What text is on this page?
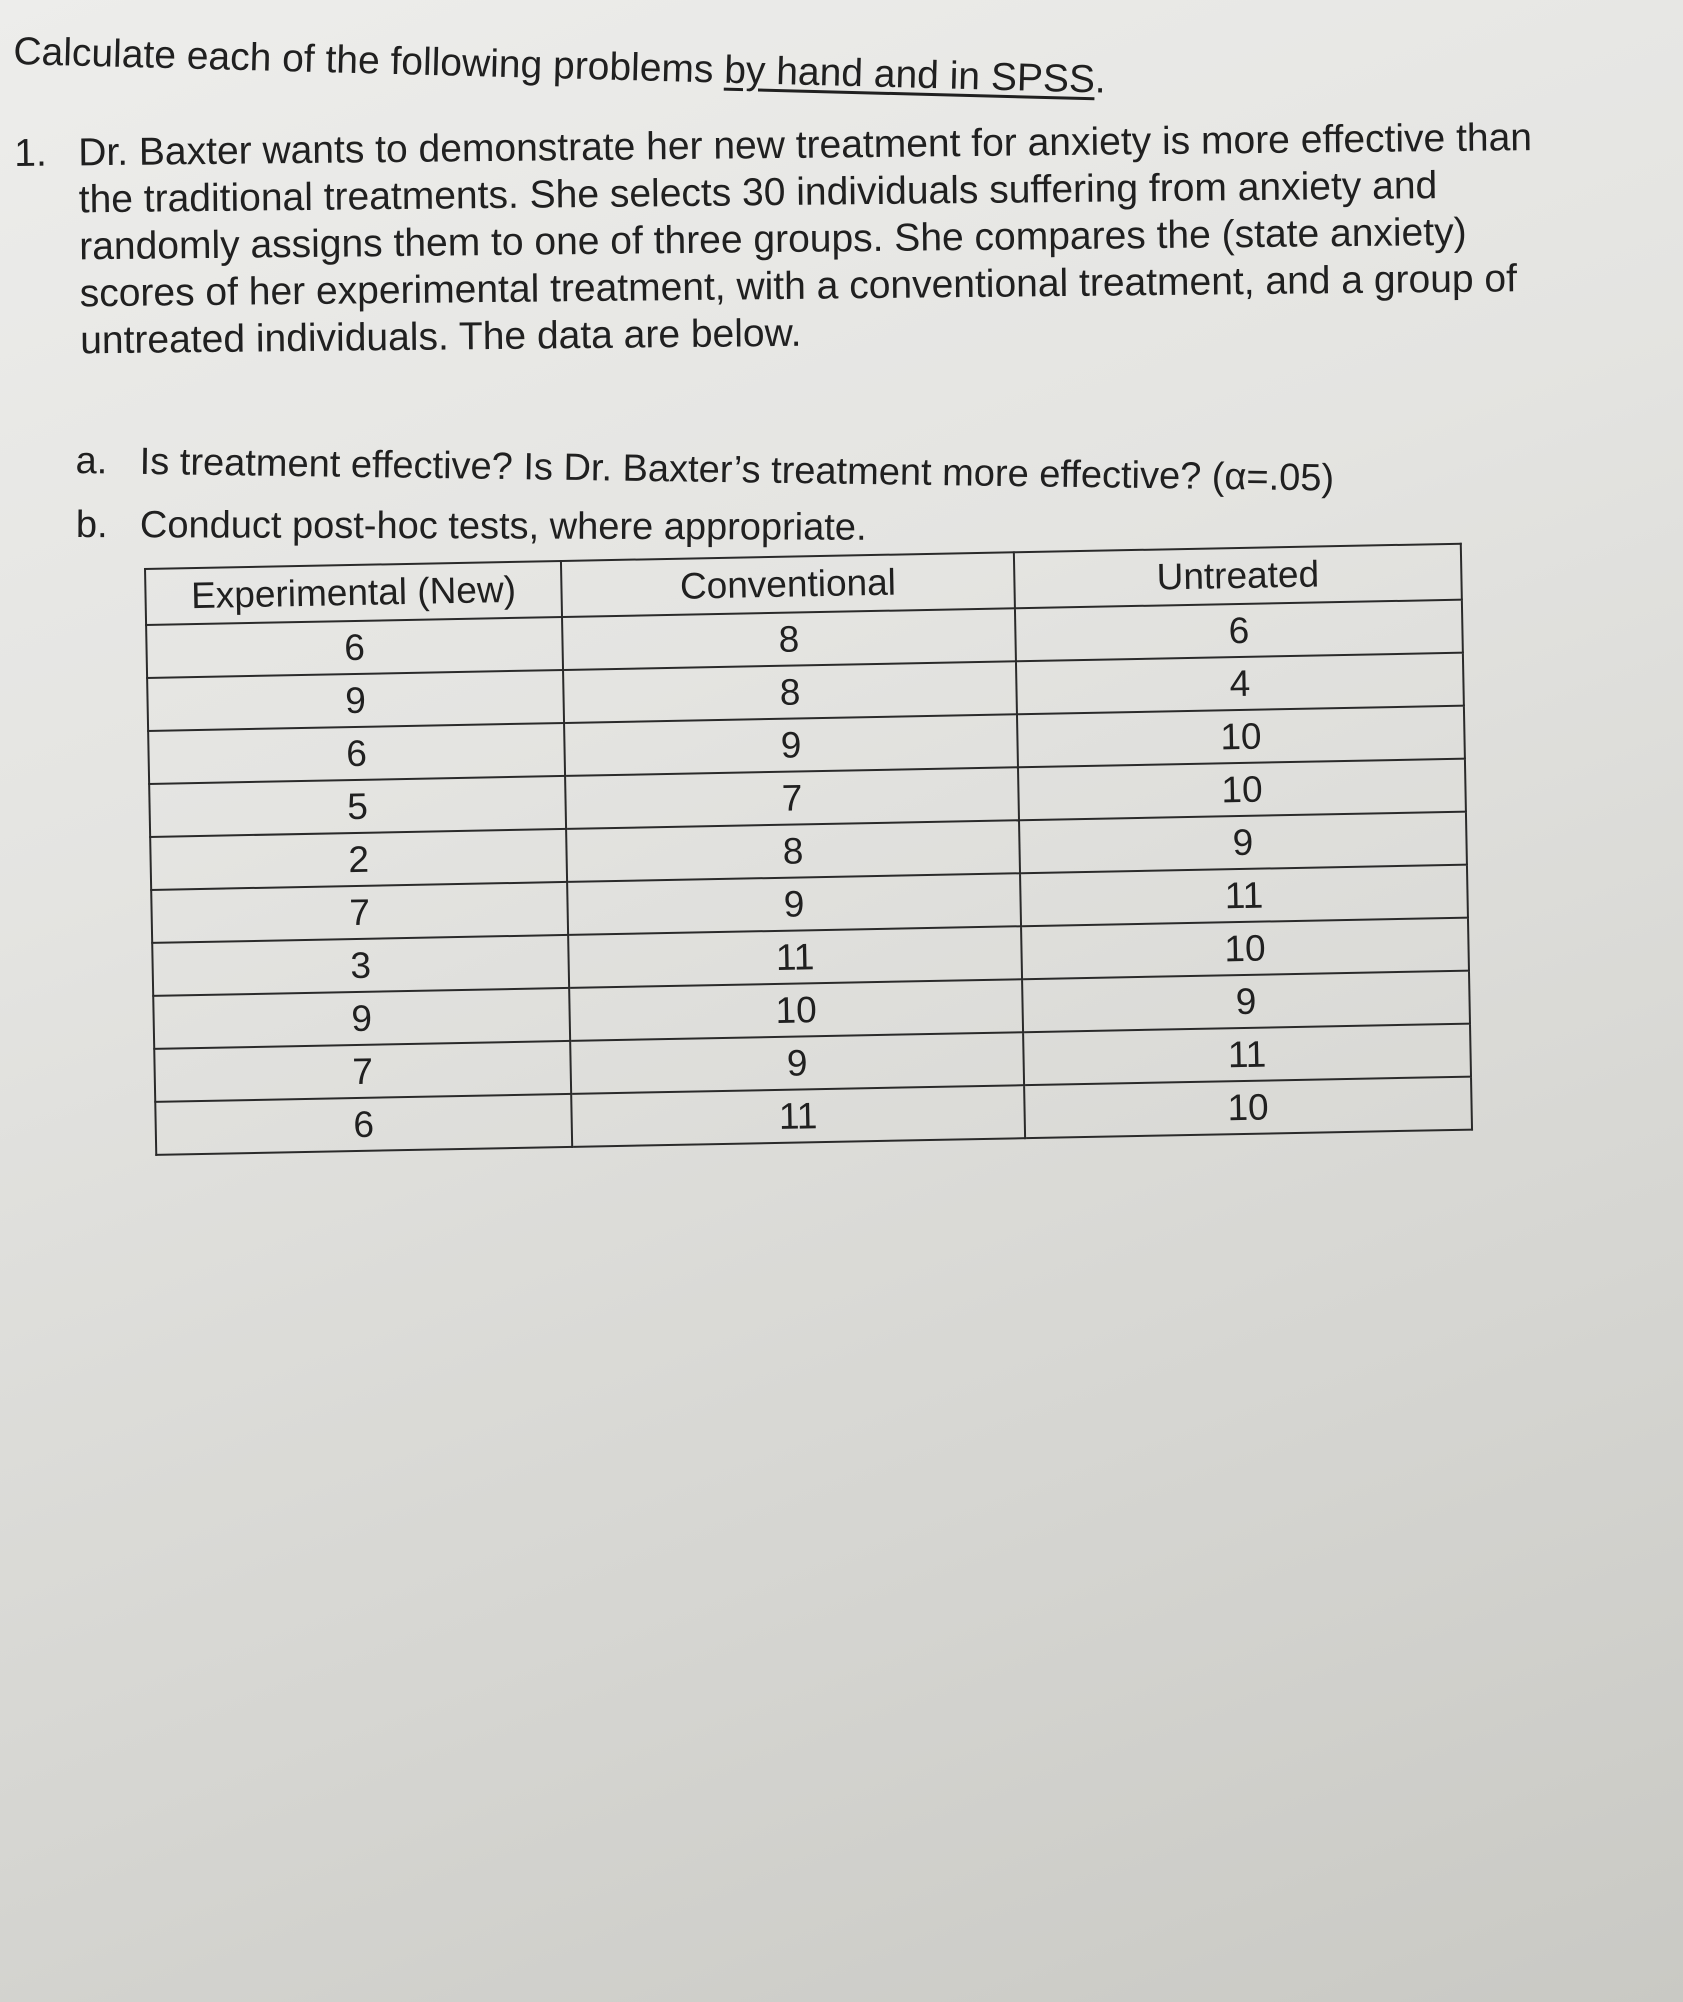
Calculate each of the following problems by hand and in SPSS.
1. Dr. Baxter wants to demonstrate her new treatment for anxiety is more effective than
the traditional treatments. She selects 30 individuals suffering from anxiety and
randomly assigns them to one of three groups. She compares the (state anxiety)
scores of her experimental treatment, with a conventional treatment, and a group of
untreated individuals. The data are below.
a. Is treatment effective? Is Dr. Baxter’s treatment more effective? (α=.05)
b. Conduct post-hoc tests, where appropriate.
Experimental (New)	Conventional	Untreated
6	8	6
9	8	4
6	9	10
5	7	10
2	8	9
7	9	11
3	11	10
9	10	9
7	9	11
6	11	10
